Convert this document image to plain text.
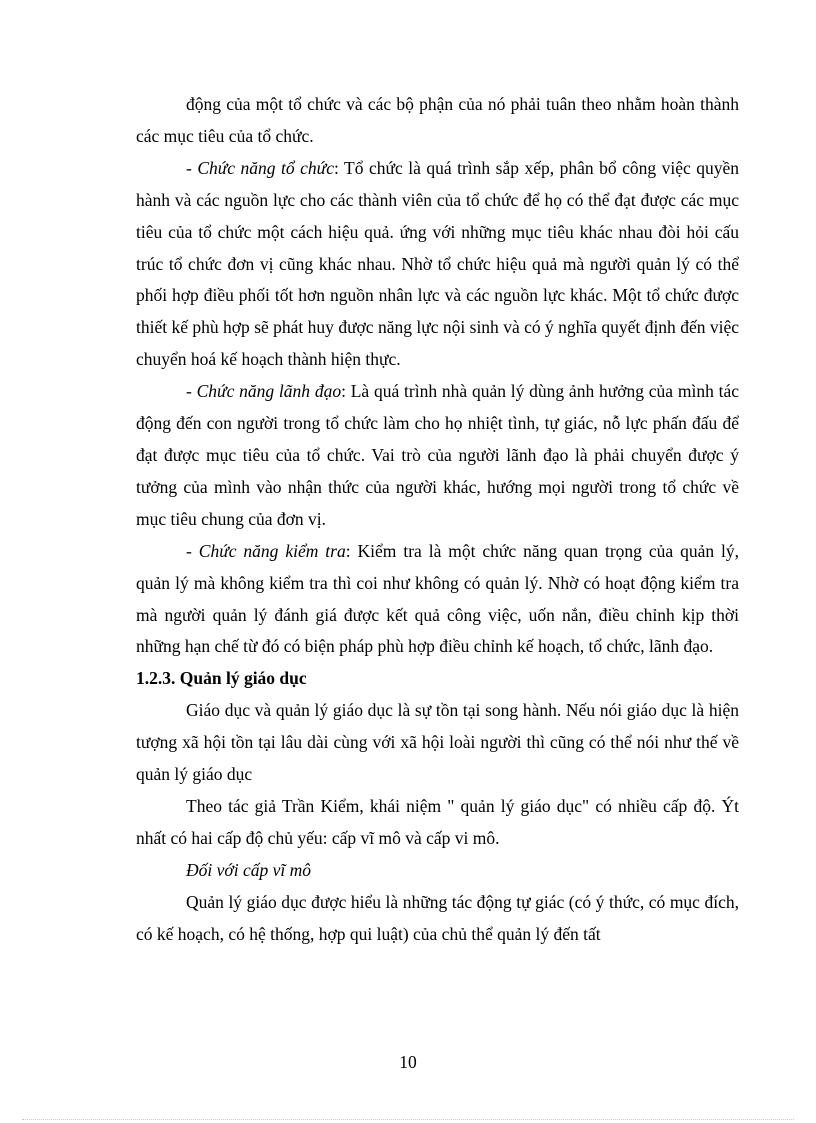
động của một tổ chức và các bộ phận của nó phải tuân theo nhằm hoàn thành các mục tiêu của tổ chức.

- Chức năng tổ chức: Tổ chức là quá trình sắp xếp, phân bổ công việc quyền hành và các nguồn lực cho các thành viên của tổ chức để họ có thể đạt được các mục tiêu của tổ chức một cách hiệu quả. ứng với những mục tiêu khác nhau đòi hỏi cấu trúc tổ chức đơn vị cũng khác nhau. Nhờ tổ chức hiệu quả mà người quản lý có thể phối hợp điều phối tốt hơn nguồn nhân lực và các nguồn lực khác. Một tổ chức được thiết kế phù hợp sẽ phát huy được năng lực nội sinh và có ý nghĩa quyết định đến việc chuyển hoá kế hoạch thành hiện thực.

- Chức năng lãnh đạo: Là quá trình nhà quản lý dùng ảnh hưởng của mình tác động đến con người trong tổ chức làm cho họ nhiệt tình, tự giác, nỗ lực phấn đấu để đạt được mục tiêu của tổ chức. Vai trò của người lãnh đạo là phải chuyển được ý tưởng của mình vào nhận thức của người khác, hướng mọi người trong tổ chức về mục tiêu chung của đơn vị.

- Chức năng kiểm tra: Kiểm tra là một chức năng quan trọng của quản lý, quản lý mà không kiểm tra thì coi như không có quản lý. Nhờ có hoạt động kiểm tra mà người quản lý đánh giá được kết quả công việc, uốn nắn, điều chỉnh kịp thời những hạn chế từ đó có biện pháp phù hợp điều chỉnh kế hoạch, tổ chức, lãnh đạo.

1.2.3. Quản lý giáo dục

Giáo dục và quản lý giáo dục là sự tồn tại song hành. Nếu nói giáo dục là hiện tượng xã hội tồn tại lâu dài cùng với xã hội loài người thì cũng có thể nói như thế về quản lý giáo dục

Theo tác giả Trần Kiểm, khái niệm " quản lý giáo dục" có nhiều cấp độ. Ýt nhất có hai cấp độ chủ yếu: cấp vĩ mô và cấp vi mô.

Đối với cấp vĩ mô

Quản lý giáo dục được hiểu là những tác động tự giác (có ý thức, có mục đích, có kế hoạch, có hệ thống, hợp qui luật) của chủ thể quản lý đến tất

10
